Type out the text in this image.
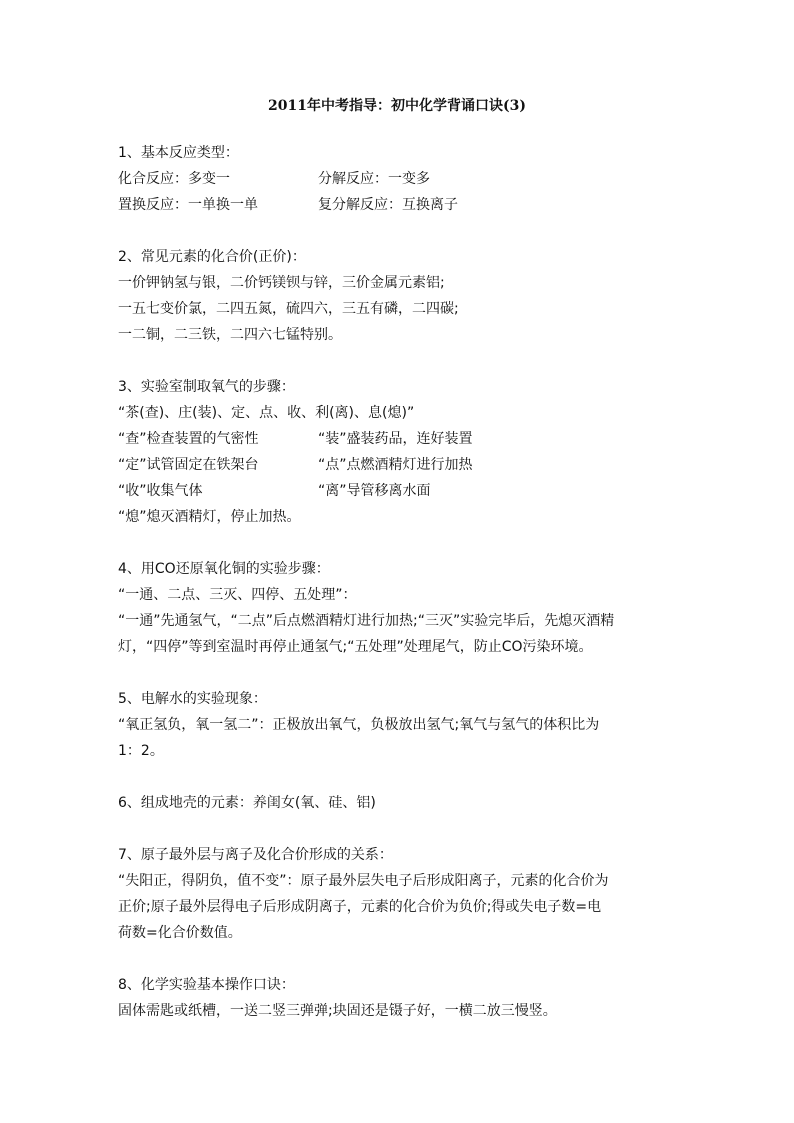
2011年中考指导：初中化学背诵口诀(3)
1、基本反应类型：
化合反应：多变一	分解反应：一变多
置换反应：一单换一单	复分解反应：互换离子
2、常见元素的化合价(正价)：
一价钾钠氢与银，二价钙镁钡与锌，三价金属元素铝;
一五七变价氯，二四五氮，硫四六，三五有磷，二四碳;
一二铜，二三铁，二四六七锰特别。
3、实验室制取氧气的步骤：
“茶(查)、庄(装)、定、点、收、利(离)、息(熄)”
“查”检查装置的气密性	“装”盛装药品，连好装置
“定”试管固定在铁架台	“点”点燃酒精灯进行加热
“收”收集气体	“离”导管移离水面
“熄”熄灭酒精灯，停止加热。
4、用CO还原氧化铜的实验步骤：
“一通、二点、三灭、四停、五处理”：
“一通”先通氢气，“二点”后点燃酒精灯进行加热;“三灭”实验完毕后，先熄灭酒精
灯，“四停”等到室温时再停止通氢气;“五处理”处理尾气，防止CO污染环境。
5、电解水的实验现象：
“氧正氢负，氧一氢二”：正极放出氧气，负极放出氢气;氧气与氢气的体积比为
1：2。
6、组成地壳的元素：养闺女(氧、硅、铝)
7、原子最外层与离子及化合价形成的关系：
“失阳正，得阴负，值不变”：原子最外层失电子后形成阳离子，元素的化合价为
正价;原子最外层得电子后形成阴离子，元素的化合价为负价;得或失电子数=电
荷数=化合价数值。
8、化学实验基本操作口诀：
固体需匙或纸槽，一送二竖三弹弹;块固还是镊子好，一横二放三慢竖。
